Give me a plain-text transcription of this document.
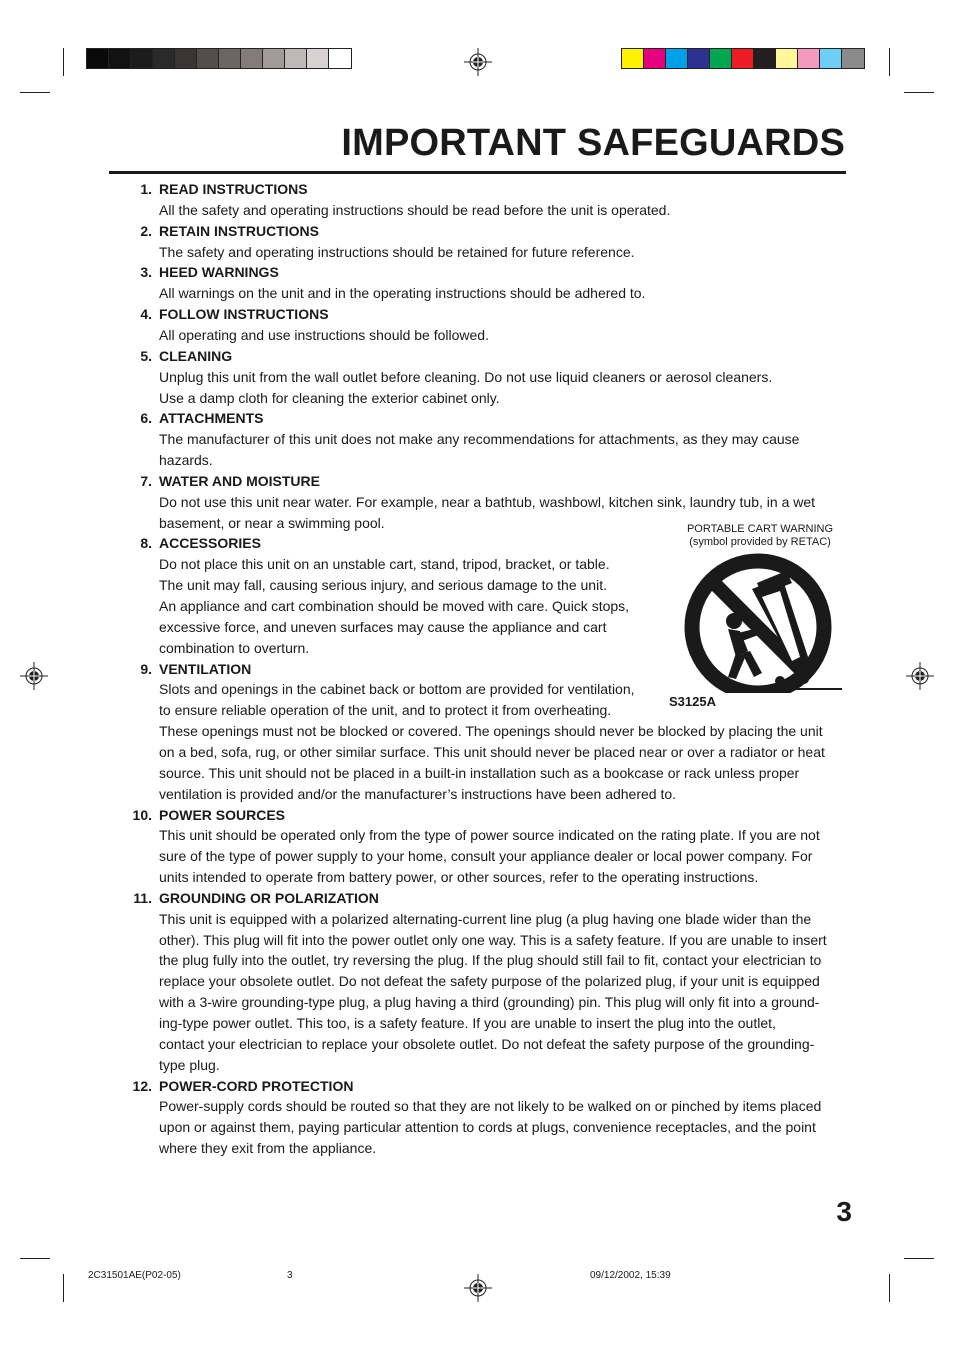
IMPORTANT SAFEGUARDS
1. READ INSTRUCTIONS
All the safety and operating instructions should be read before the unit is operated.
2. RETAIN INSTRUCTIONS
The safety and operating instructions should be retained for future reference.
3. HEED WARNINGS
All warnings on the unit and in the operating instructions should be adhered to.
4. FOLLOW INSTRUCTIONS
All operating and use instructions should be followed.
5. CLEANING
Unplug this unit from the wall outlet before cleaning. Do not use liquid cleaners or aerosol cleaners.
Use a damp cloth for cleaning the exterior cabinet only.
6. ATTACHMENTS
The manufacturer of this unit does not make any recommendations for attachments, as they may cause
hazards.
7. WATER AND MOISTURE
Do not use this unit near water. For example, near a bathtub, washbowl, kitchen sink, laundry tub, in a wet
basement, or near a swimming pool.
8. ACCESSORIES
Do not place this unit on an unstable cart, stand, tripod, bracket, or table.
The unit may fall, causing serious injury, and serious damage to the unit.
An appliance and cart combination should be moved with care. Quick stops,
excessive force, and uneven surfaces may cause the appliance and cart
combination to overturn.
9. VENTILATION
Slots and openings in the cabinet back or bottom are provided for ventilation,
to ensure reliable operation of the unit, and to protect it from overheating.
These openings must not be blocked or covered. The openings should never be blocked by placing the unit
on a bed, sofa, rug, or other similar surface. This unit should never be placed near or over a radiator or heat
source. This unit should not be placed in a built-in installation such as a bookcase or rack unless proper
ventilation is provided and/or the manufacturer’s instructions have been adhered to.
10. POWER SOURCES
This unit should be operated only from the type of power source indicated on the rating plate. If you are not
sure of the type of power supply to your home, consult your appliance dealer or local power company. For
units intended to operate from battery power, or other sources, refer to the operating instructions.
11. GROUNDING OR POLARIZATION
This unit is equipped with a polarized alternating-current line plug (a plug having one blade wider than the
other). This plug will fit into the power outlet only one way. This is a safety feature. If you are unable to insert
the plug fully into the outlet, try reversing the plug. If the plug should still fail to fit, contact your electrician to
replace your obsolete outlet. Do not defeat the safety purpose of the polarized plug, if your unit is equipped
with a 3-wire grounding-type plug, a plug having a third (grounding) pin. This plug will only fit into a ground-
ing-type power outlet. This too, is a safety feature. If you are unable to insert the plug into the outlet,
contact your electrician to replace your obsolete outlet. Do not defeat the safety purpose of the grounding-
type plug.
12. POWER-CORD PROTECTION
Power-supply cords should be routed so that they are not likely to be walked on or pinched by items placed
upon or against them, paying particular attention to cords at plugs, convenience receptacles, and the point
where they exit from the appliance.
PORTABLE CART WARNING
(symbol provided by RETAC)
S3125A
3
2C31501AE(P02-05)	3	09/12/2002, 15:39
